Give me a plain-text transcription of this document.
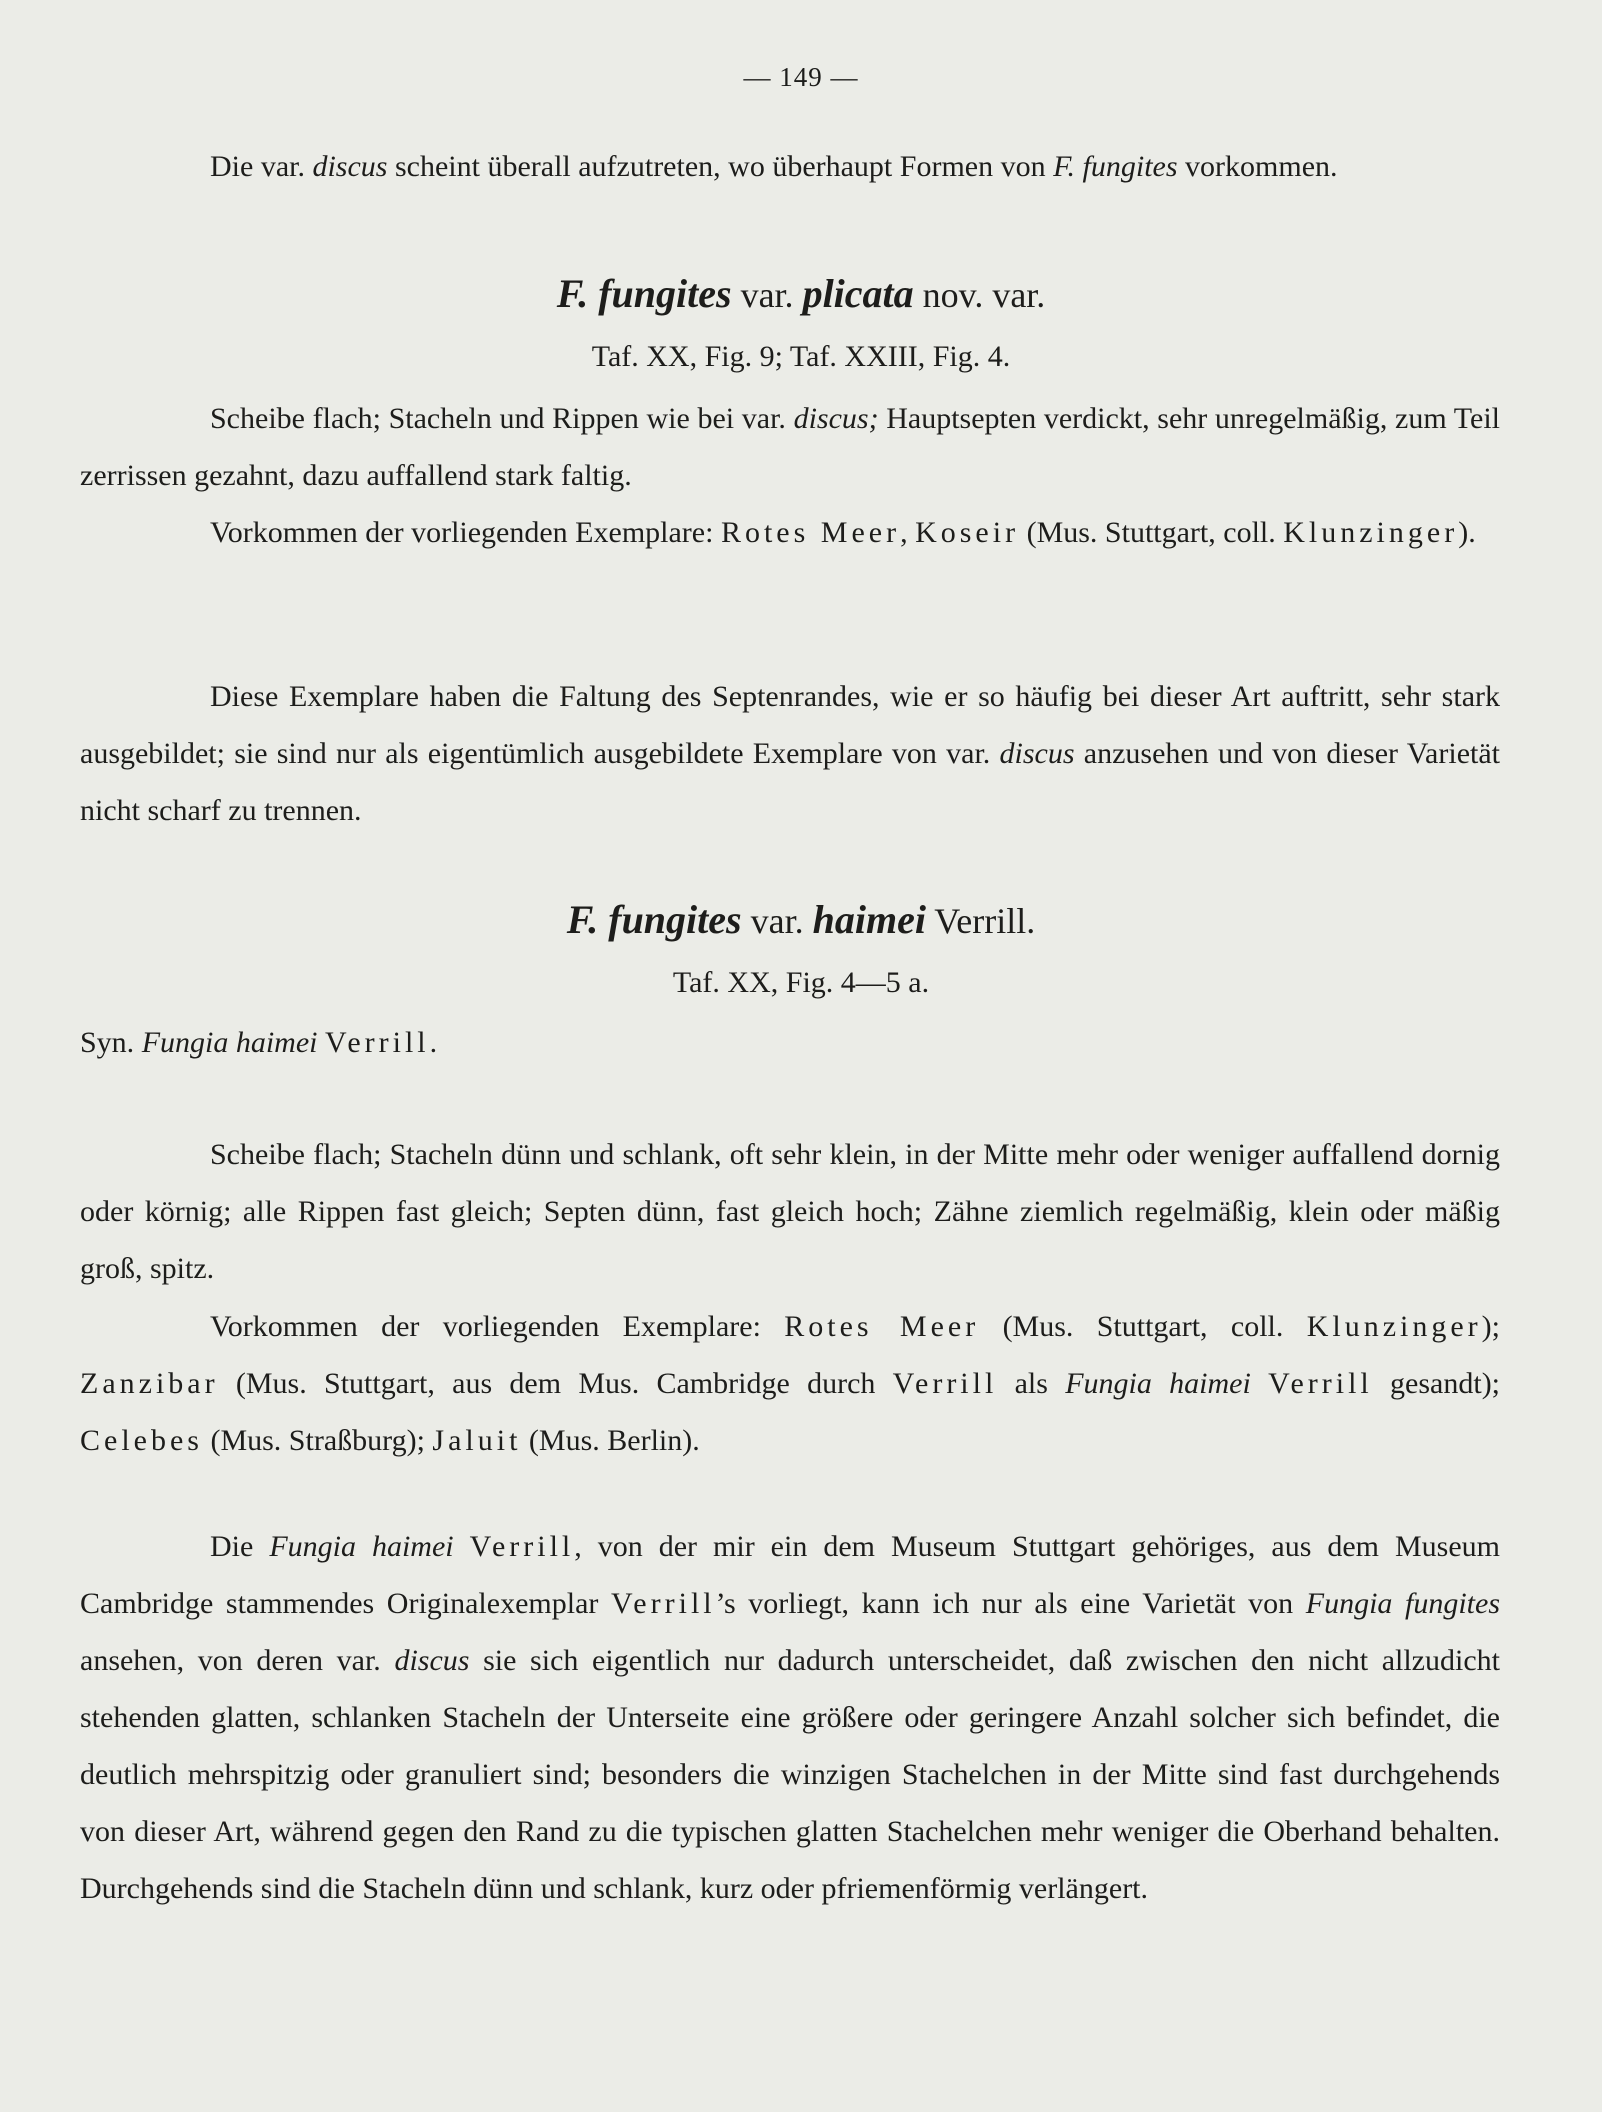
— 149 —
Die var. discus scheint überall aufzutreten, wo überhaupt Formen von F. fungites vorkommen.
F. fungites var. plicata nov. var.
Taf. XX, Fig. 9; Taf. XXIII, Fig. 4.
Scheibe flach; Stacheln und Rippen wie bei var. discus; Hauptsepten verdickt, sehr unregelmäßig, zum Teil zerrissen gezahnt, dazu auffallend stark faltig.
Vorkommen der vorliegenden Exemplare: Rotes Meer, Koseir (Mus. Stuttgart, coll. Klunzinger).
Diese Exemplare haben die Faltung des Septenrandes, wie er so häufig bei dieser Art auftritt, sehr stark ausgebildet; sie sind nur als eigentümlich ausgebildete Exemplare von var. discus anzusehen und von dieser Varietät nicht scharf zu trennen.
F. fungites var. haimei Verrill.
Taf. XX, Fig. 4—5 a.
Syn. Fungia haimei Verrill.
Scheibe flach; Stacheln dünn und schlank, oft sehr klein, in der Mitte mehr oder weniger auffallend dornig oder körnig; alle Rippen fast gleich; Septen dünn, fast gleich hoch; Zähne ziemlich regelmäßig, klein oder mäßig groß, spitz.
Vorkommen der vorliegenden Exemplare: Rotes Meer (Mus. Stuttgart, coll. Klunzinger); Zanzibar (Mus. Stuttgart, aus dem Mus. Cambridge durch Verrill als Fungia haimei Verrill gesandt); Celebes (Mus. Straßburg); Jaluit (Mus. Berlin).
Die Fungia haimei Verrill, von der mir ein dem Museum Stuttgart gehöriges, aus dem Museum Cambridge stammendes Originalexemplar Verrill’s vorliegt, kann ich nur als eine Varietät von Fungia fungites ansehen, von deren var. discus sie sich eigentlich nur dadurch unterscheidet, daß zwischen den nicht allzudicht stehenden glatten, schlanken Stacheln der Unterseite eine größere oder geringere Anzahl solcher sich befindet, die deutlich mehrspitzig oder granuliert sind; besonders die winzigen Stachelchen in der Mitte sind fast durchgehends von dieser Art, während gegen den Rand zu die typischen glatten Stachelchen mehr weniger die Oberhand behalten. Durchgehends sind die Stacheln dünn und schlank, kurz oder pfriemenförmig verlängert.
